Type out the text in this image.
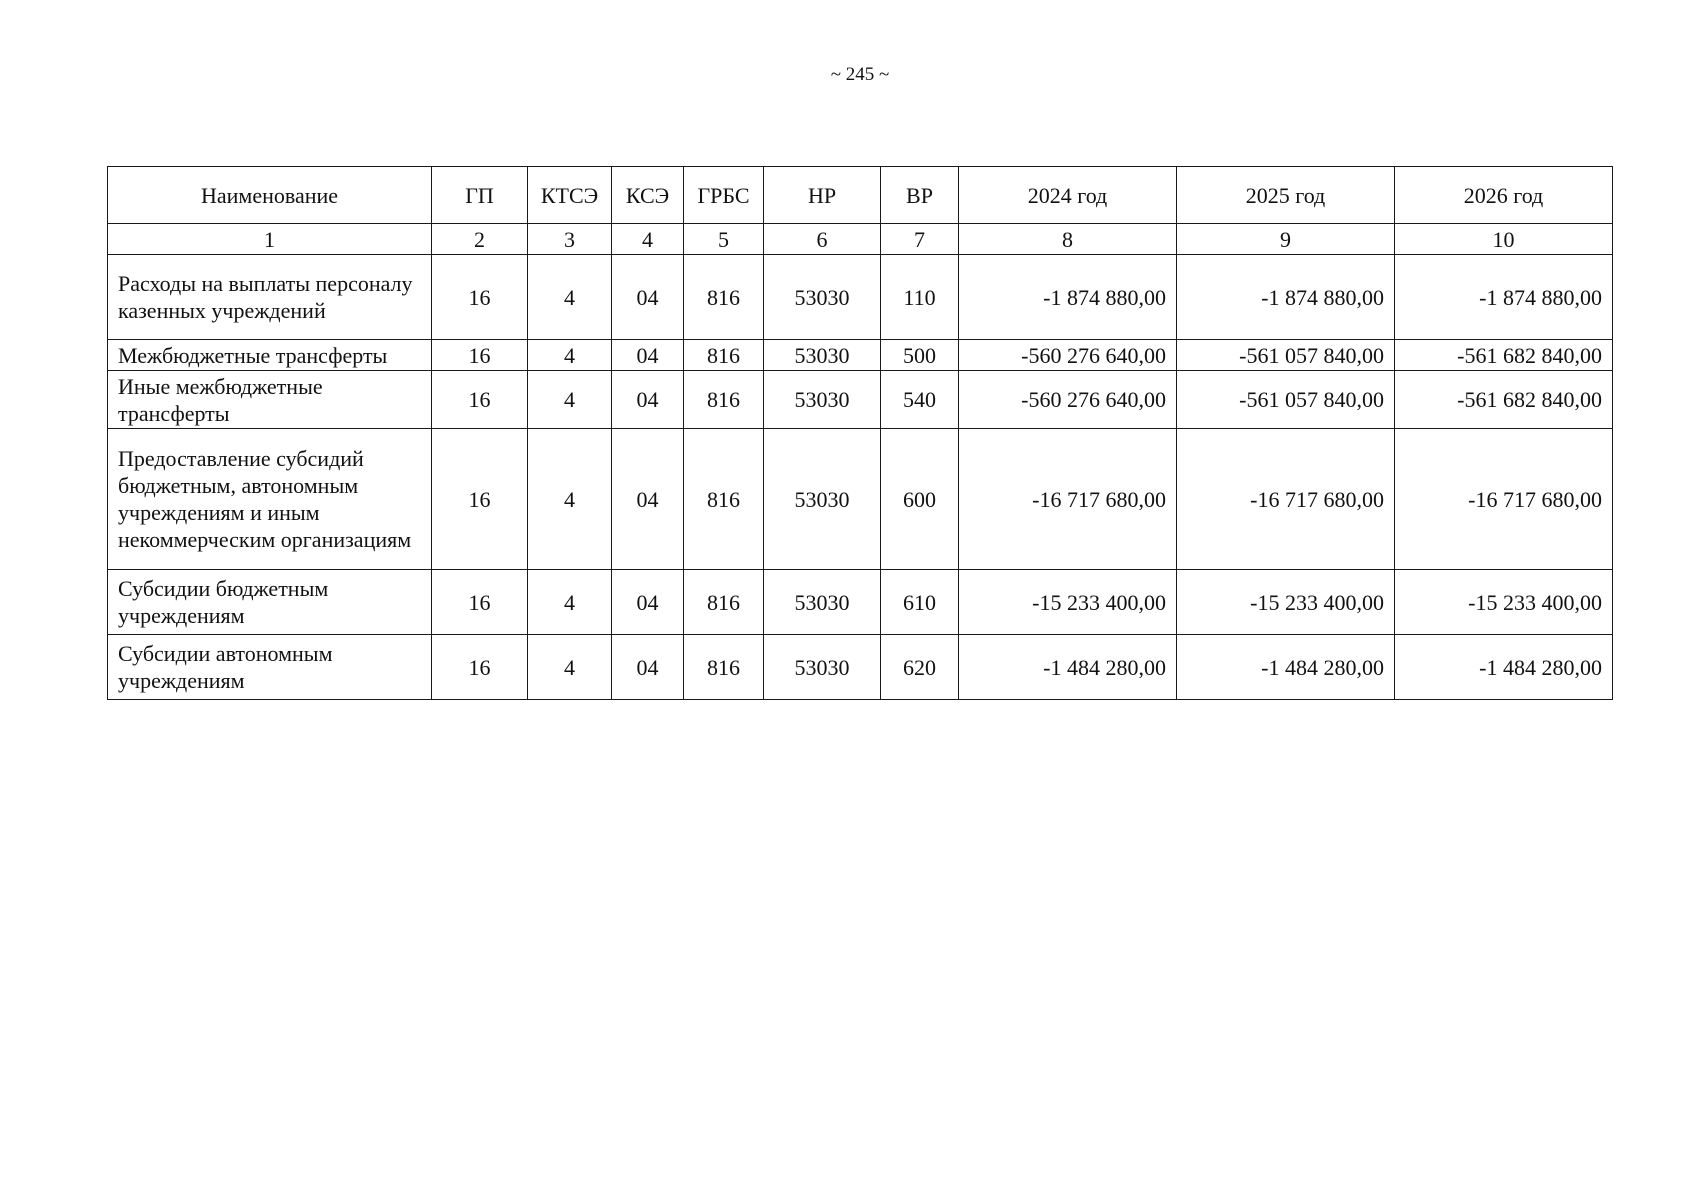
~ 245 ~
Наименование	ГП	КТСЭ	КСЭ	ГРБС	НР	ВР	2024 год	2025 год	2026 год
1	2	3	4	5	6	7	8	9	10
Расходы на выплаты персоналу казенных учреждений	16	4	04	816	53030	110	-1 874 880,00	-1 874 880,00	-1 874 880,00
Межбюджетные трансферты	16	4	04	816	53030	500	-560 276 640,00	-561 057 840,00	-561 682 840,00
Иные межбюджетные трансферты	16	4	04	816	53030	540	-560 276 640,00	-561 057 840,00	-561 682 840,00
Предоставление субсидий бюджетным, автономным учреждениям и иным некоммерческим организациям	16	4	04	816	53030	600	-16 717 680,00	-16 717 680,00	-16 717 680,00
Субсидии бюджетным учреждениям	16	4	04	816	53030	610	-15 233 400,00	-15 233 400,00	-15 233 400,00
Субсидии автономным учреждениям	16	4	04	816	53030	620	-1 484 280,00	-1 484 280,00	-1 484 280,00
